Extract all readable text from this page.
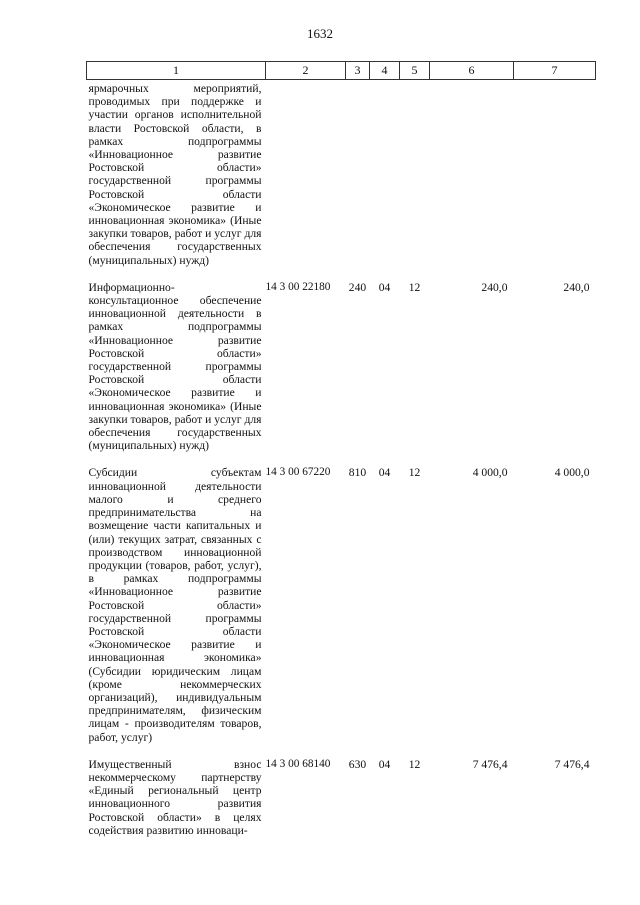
1632
1	2	3	4	5	6	7
ярмарочных мероприятий, проводимых при поддержке и участии органов исполнительной власти Ростовской области, в рамках подпрограммы «Инновационное развитие Ростовской области» государственной программы Ростовской области «Экономическое развитие и инновационная экономика» (Иные закупки товаров, работ и услуг для обеспечения государственных (муниципальных) нужд)						
Информационно-консультационное обеспечение инновационной деятельности в рамках подпрограммы «Инновационное развитие Ростовской области» государственной программы Ростовской области «Экономическое развитие и инновационная экономика» (Иные закупки товаров, работ и услуг для обеспечения государственных (муниципальных) нужд)	14 3 00 22180	240	04	12	240,0	240,0
Субсидии субъектам инновационной деятельности малого и среднего предпринимательства на возмещение части капитальных и (или) текущих затрат, связанных с производством инновационной продукции (товаров, работ, услуг), в рамках подпрограммы «Инновационное развитие Ростовской области» государственной программы Ростовской области «Экономическое развитие и инновационная экономика» (Субсидии юридическим лицам (кроме некоммерческих организаций), индивидуальным предпринимателям, физическим лицам - производителям товаров, работ, услуг)	14 3 00 67220	810	04	12	4 000,0	4 000,0
Имущественный взнос некоммерческому партнерству «Единый региональный центр инновационного развития Ростовской области» в целях содействия развитию инноваци-	14 3 00 68140	630	04	12	7 476,4	7 476,4
